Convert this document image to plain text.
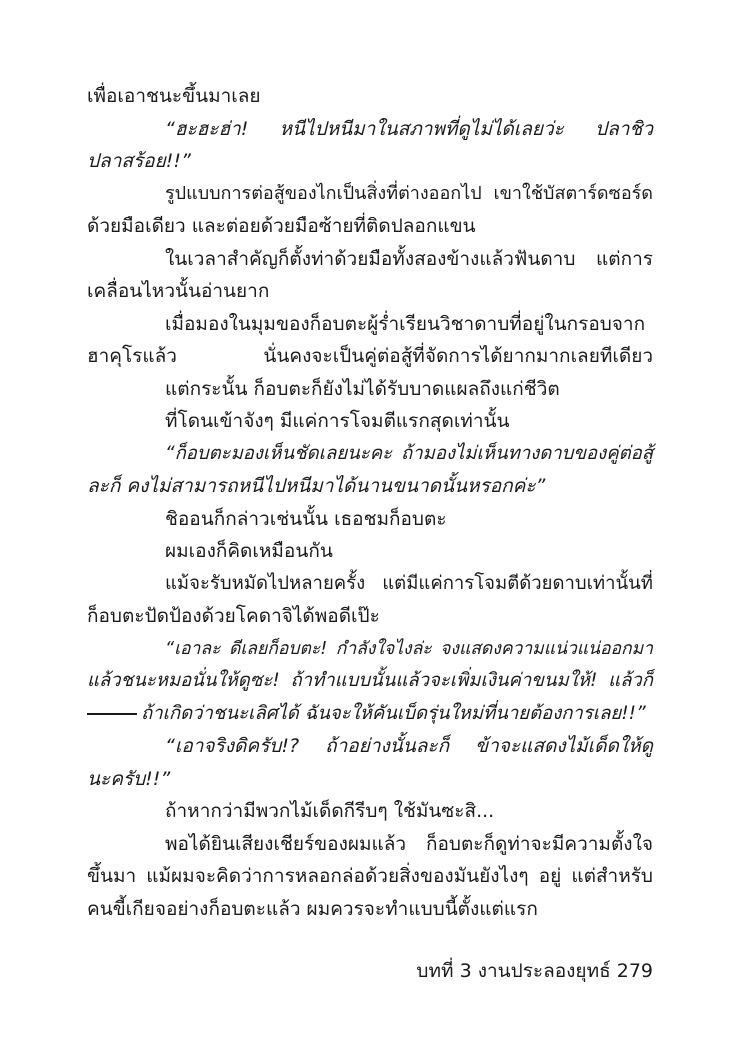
เพื่อเอาชนะขึ้นมาเลย
“ฮะฮะฮ่า! หนีไปหนีมาในสภาพที่ดูไม่ได้เลยว่ะ ปลาชิว
ปลาสร้อย!!”
รูปแบบการต่อสู้ของไกเป็นสิ่งที่ต่างออกไป เขาใช้บัสตาร์ดซอร์ด
ด้วยมือเดียว และต่อยด้วยมือซ้ายที่ติดปลอกแขน
ในเวลาสำคัญก็ตั้งท่าด้วยมือทั้งสองข้างแล้วฟันดาบ แต่การ
เคลื่อนไหวนั้นอ่านยาก
เมื่อมองในมุมของก็อบตะผู้ร่ำเรียนวิชาดาบที่อยู่ในกรอบจาก
ฮาคุโรแล้ว นั่นคงจะเป็นคู่ต่อสู้ที่จัดการได้ยากมากเลยทีเดียว
แต่กระนั้น ก็อบตะก็ยังไม่ได้รับบาดแผลถึงแก่ชีวิต
ที่โดนเข้าจังๆ มีแค่การโจมตีแรกสุดเท่านั้น
“ก็อบตะมองเห็นชัดเลยนะคะ ถ้ามองไม่เห็นทางดาบของคู่ต่อสู้
ละก็ คงไม่สามารถหนีไปหนีมาได้นานขนาดนั้นหรอกค่ะ”
ชิออนก็กล่าวเช่นนั้น เธอชมก็อบตะ
ผมเองก็คิดเหมือนกัน
แม้จะรับหมัดไปหลายครั้ง แต่มีแค่การโจมตีด้วยดาบเท่านั้นที่
ก็อบตะปัดป้องด้วยโคดาจิได้พอดีเป๊ะ
“เอาละ ดีเลยก็อบตะ! กำลังใจไงล่ะ จงแสดงความแน่วแน่ออกมา
แล้วชนะหมอนั่นให้ดูซะ! ถ้าทำแบบนั้นแล้วจะเพิ่มเงินค่าขนมให้! แล้วก็
ถ้าเกิดว่าชนะเลิศได้ ฉันจะให้คันเบ็ดรุ่นใหม่ที่นายต้องการเลย!!”
“เอาจริงดิครับ!? ถ้าอย่างนั้นละก็ ข้าจะแสดงไม้เด็ดให้ดู
นะครับ!!”
ถ้าหากว่ามีพวกไม้เด็ดกีรีบๆ ใช้มันซะสิ...
พอได้ยินเสียงเชียร์ของผมแล้ว ก็อบตะก็ดูท่าจะมีความตั้งใจ
ขึ้นมา แม้ผมจะคิดว่าการหลอกล่อด้วยสิ่งของมันยังไงๆ อยู่ แต่สำหรับ
คนขี้เกียจอย่างก็อบตะแล้ว ผมควรจะทำแบบนี้ตั้งแต่แรก
บทที่ 3 งานประลองยุทธ์ 279
